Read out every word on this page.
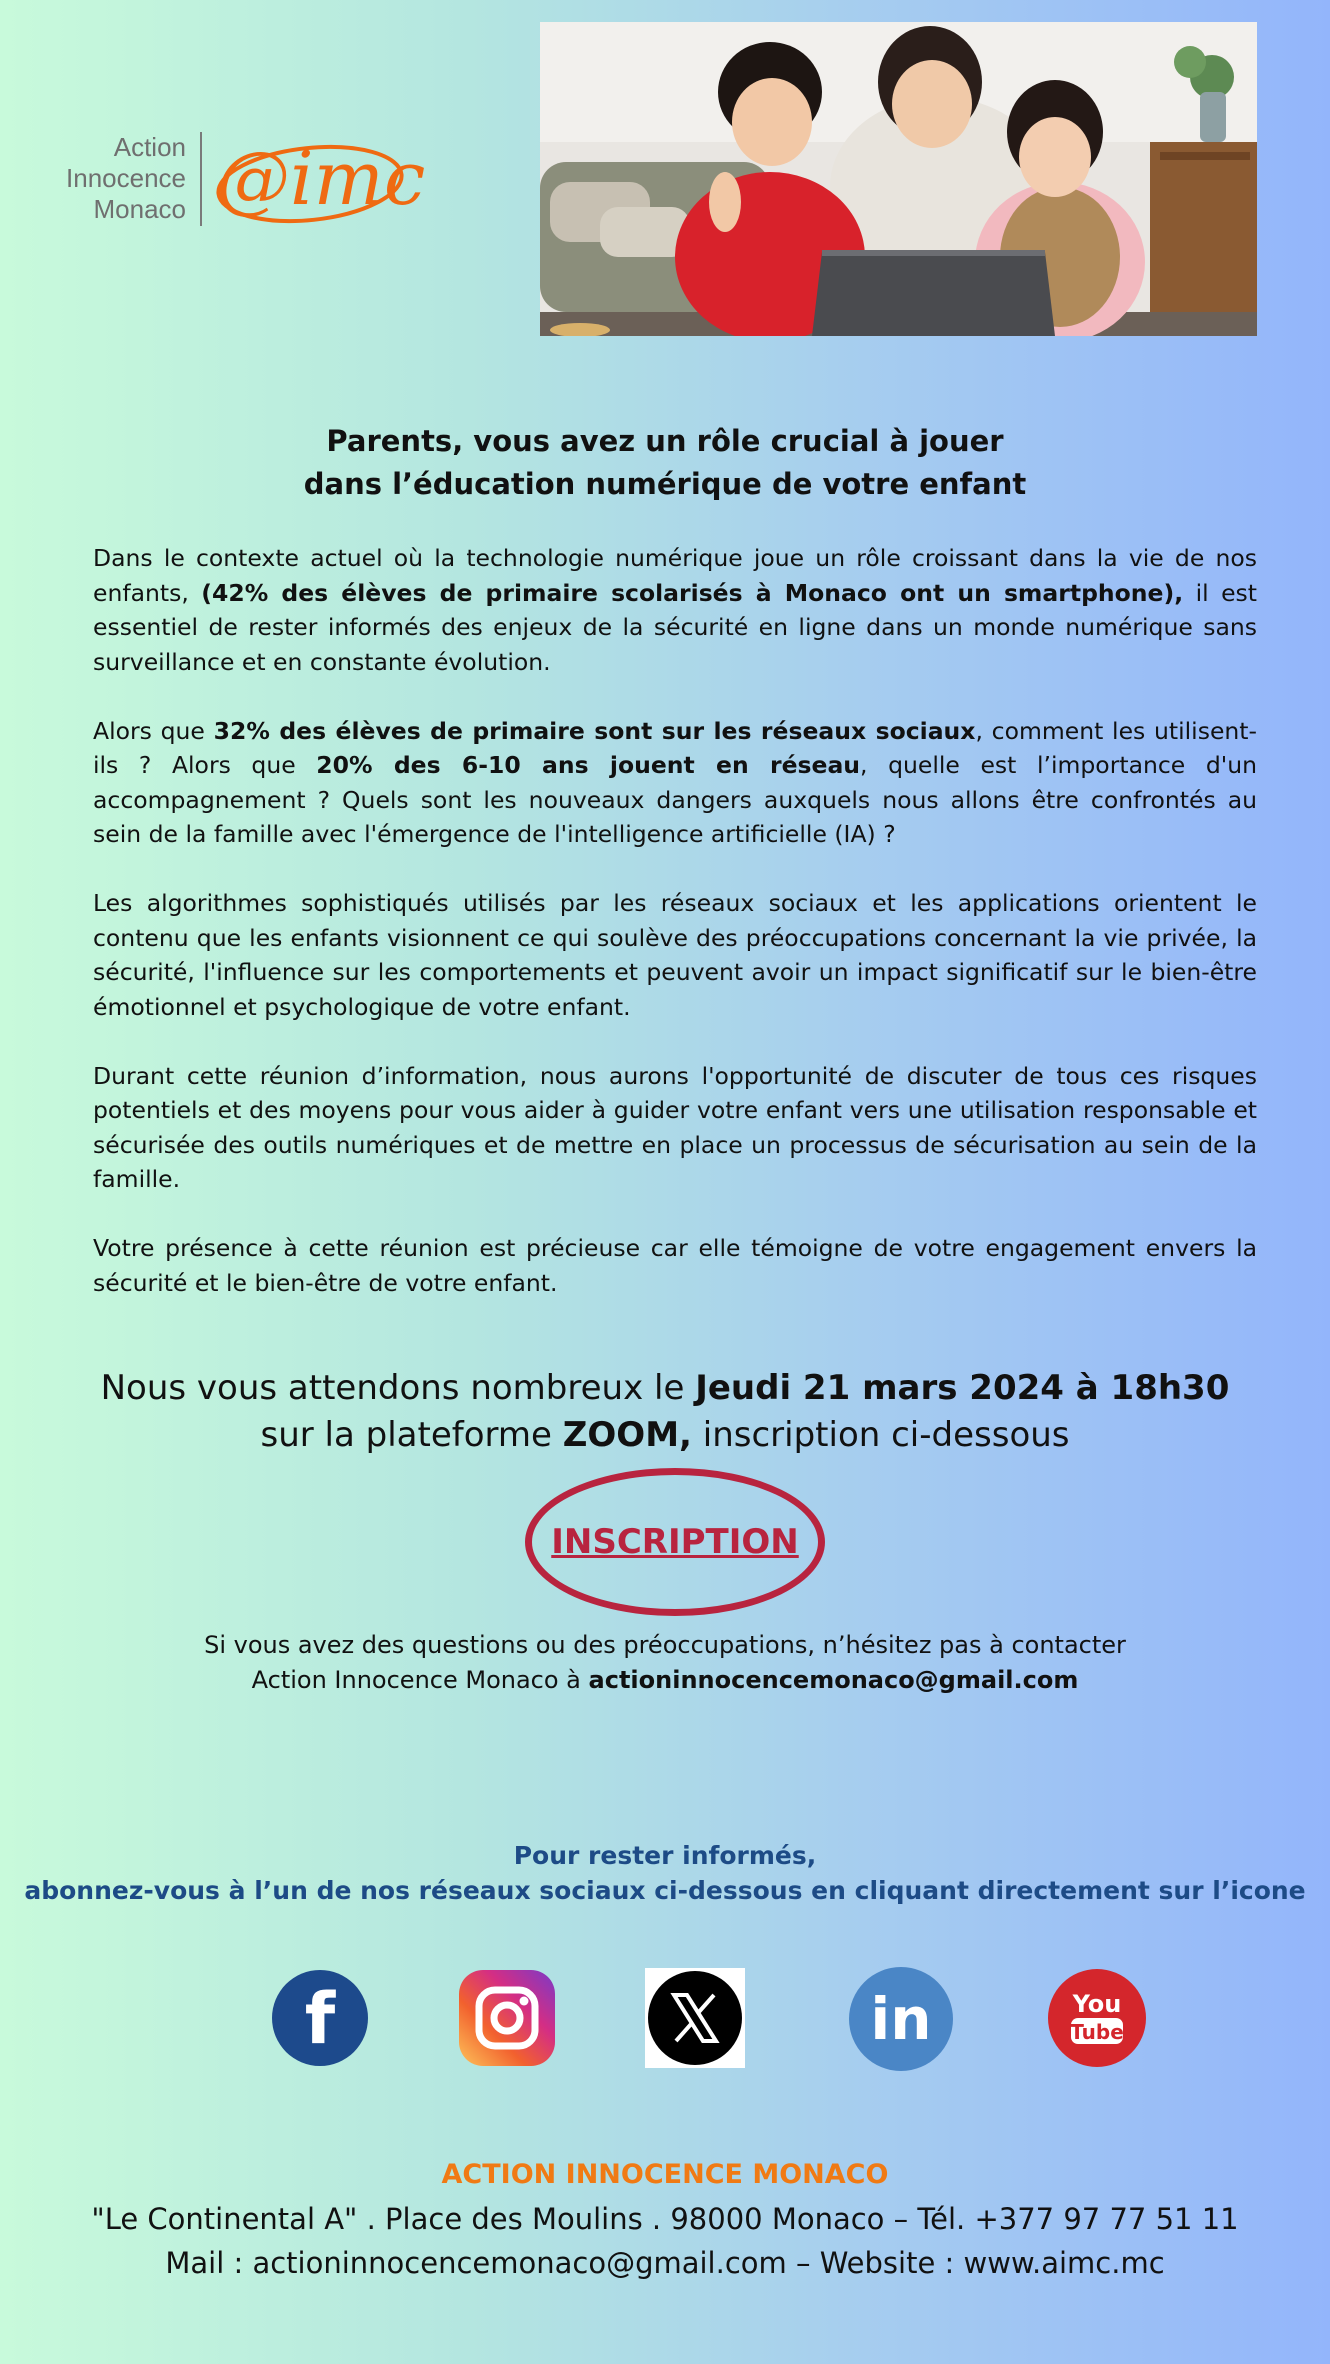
Action
Innocence
Monaco @imc
Parents, vous avez un rôle crucial à jouer
dans l’éducation numérique de votre enfant

Dans le contexte actuel où la technologie numérique joue un rôle croissant dans la vie de nos enfants, (42% des élèves de primaire scolarisés à Monaco ont un smartphone), il est essentiel de rester informés des enjeux de la sécurité en ligne dans un monde numérique sans surveillance et en constante évolution.

Alors que 32% des élèves de primaire sont sur les réseaux sociaux, comment les utilisent-ils ? Alors que 20% des 6-10 ans jouent en réseau, quelle est l’importance d'un accompagnement ? Quels sont les nouveaux dangers auxquels nous allons être confrontés au sein de la famille avec l'émergence de l'intelligence artificielle (IA) ?

Les algorithmes sophistiqués utilisés par les réseaux sociaux et les applications orientent le contenu que les enfants visionnent ce qui soulève des préoccupations concernant la vie privée, la sécurité, l'influence sur les comportements et peuvent avoir un impact significatif sur le bien-être émotionnel et psychologique de votre enfant.

Durant cette réunion d’information, nous aurons l'opportunité de discuter de tous ces risques potentiels et des moyens pour vous aider à guider votre enfant vers une utilisation responsable et sécurisée des outils numériques et de mettre en place un processus de sécurisation au sein de la famille.

Votre présence à cette réunion est précieuse car elle témoigne de votre engagement envers la sécurité et le bien-être de votre enfant.

Nous vous attendons nombreux le Jeudi 21 mars 2024 à 18h30
sur la plateforme ZOOM, inscription ci-dessous
INSCRIPTION
Si vous avez des questions ou des préoccupations, n’hésitez pas à contacter
Action Innocence Monaco à actioninnocencemonaco@gmail.com
Pour rester informés,
abonnez-vous à l’un de nos réseaux sociaux ci-dessous en cliquant directement sur l’icone
f	in	You
Tube
ACTION INNOCENCE MONACO
"Le Continental A" . Place des Moulins . 98000 Monaco – Tél. +377 97 77 51 11
Mail : actioninnocencemonaco@gmail.com – Website : www.aimc.mc
